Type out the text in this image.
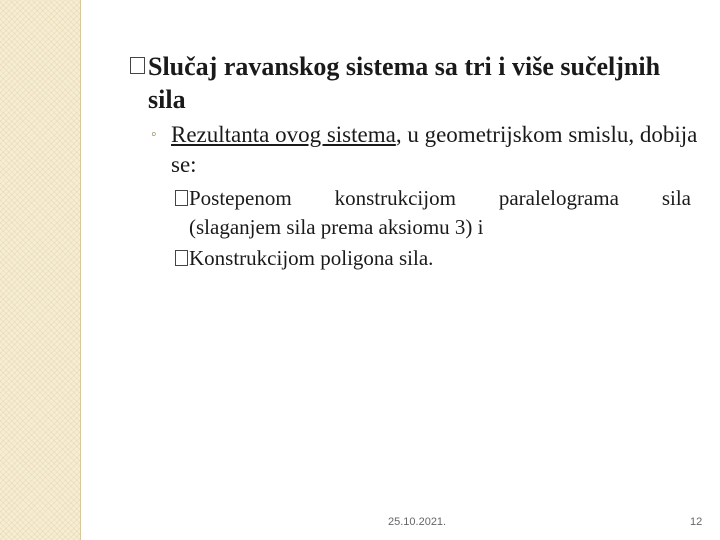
Slučaj ravanskog sistema sa tri i više sučeljnih sila
◦ Rezultanta ovog sistema, u geometrijskom smislu, dobija se:
Postepenom konstrukcijom paralelograma sila
(slaganjem sila prema aksiomu 3) i
Konstrukcijom poligona sila.
25.10.2021.	12
